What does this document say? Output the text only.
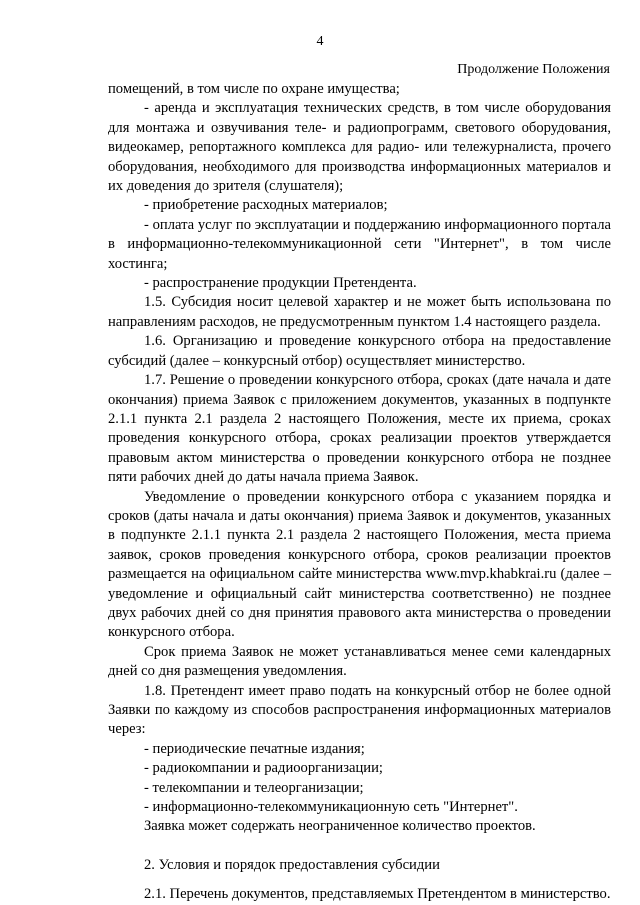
4
Продолжение Положения

помещений, в том числе по охране имущества;

- аренда и эксплуатация технических средств, в том числе оборудования для монтажа и озвучивания теле- и радиопрограмм, светового оборудования, видеокамер, репортажного комплекса для радио- или тележурналиста, прочего оборудования, необходимого для производства информационных материалов и их доведения до зрителя (слушателя);

- приобретение расходных материалов;

- оплата услуг по эксплуатации и поддержанию информационного портала в информационно-телекоммуникационной сети "Интернет", в том числе хостинга;

- распространение продукции Претендента.

1.5. Субсидия носит целевой характер и не может быть использована по направлениям расходов, не предусмотренным пунктом 1.4 настоящего раздела.

1.6. Организацию и проведение конкурсного отбора на предоставление субсидий (далее – конкурсный отбор) осуществляет министерство.

1.7. Решение о проведении конкурсного отбора, сроках (дате начала и дате окончания) приема Заявок с приложением документов, указанных в подпункте 2.1.1 пункта 2.1 раздела 2 настоящего Положения, месте их приема, сроках проведения конкурсного отбора, сроках реализации проектов утверждается правовым актом министерства о проведении конкурсного отбора не позднее пяти рабочих дней до даты начала приема Заявок.

Уведомление о проведении конкурсного отбора с указанием порядка и сроков (даты начала и даты окончания) приема Заявок и документов, указанных в подпункте 2.1.1 пункта 2.1 раздела 2 настоящего Положения, места приема заявок, сроков проведения конкурсного отбора, сроков реализации проектов размещается на официальном сайте министерства www.mvp.khabkrai.ru (далее – уведомление и официальный сайт министерства соответственно) не позднее двух рабочих дней со дня принятия правового акта министерства о проведении конкурсного отбора.

Срок приема Заявок не может устанавливаться менее семи календарных дней со дня размещения уведомления.

1.8. Претендент имеет право подать на конкурсный отбор не более одной Заявки по каждому из способов распространения информационных материалов через:

- периодические печатные издания;

- радиокомпании и радиоорганизации;

- телекомпании и телеорганизации;

- информационно-телекоммуникационную сеть "Интернет".

Заявка может содержать неограниченное количество проектов.

2. Условия и порядок предоставления субсидии

2.1. Перечень документов, представляемых Претендентом в министерство.
